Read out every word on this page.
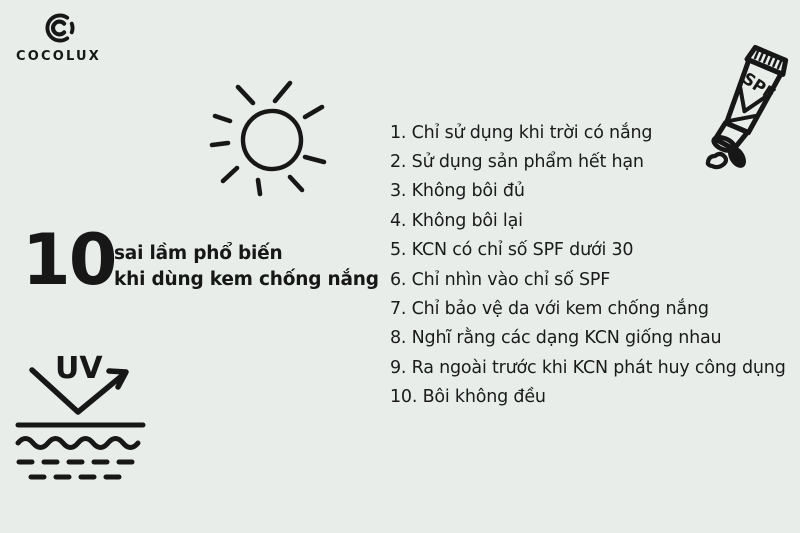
COCOLUX
10
sai lầm phổ biến
khi dùng kem chống nắng
UV
1. Chỉ sử dụng khi trời có nắng
2. Sử dụng sản phẩm hết hạn
3. Không bôi đủ
4. Không bôi lại
5. KCN có chỉ số SPF dưới 30
6. Chỉ nhìn vào chỉ số SPF
7. Chỉ bảo vệ da với kem chống nắng
8. Nghĩ rằng các dạng KCN giống nhau
9. Ra ngoài trước khi KCN phát huy công dụng
10. Bôi không đều
SPF
